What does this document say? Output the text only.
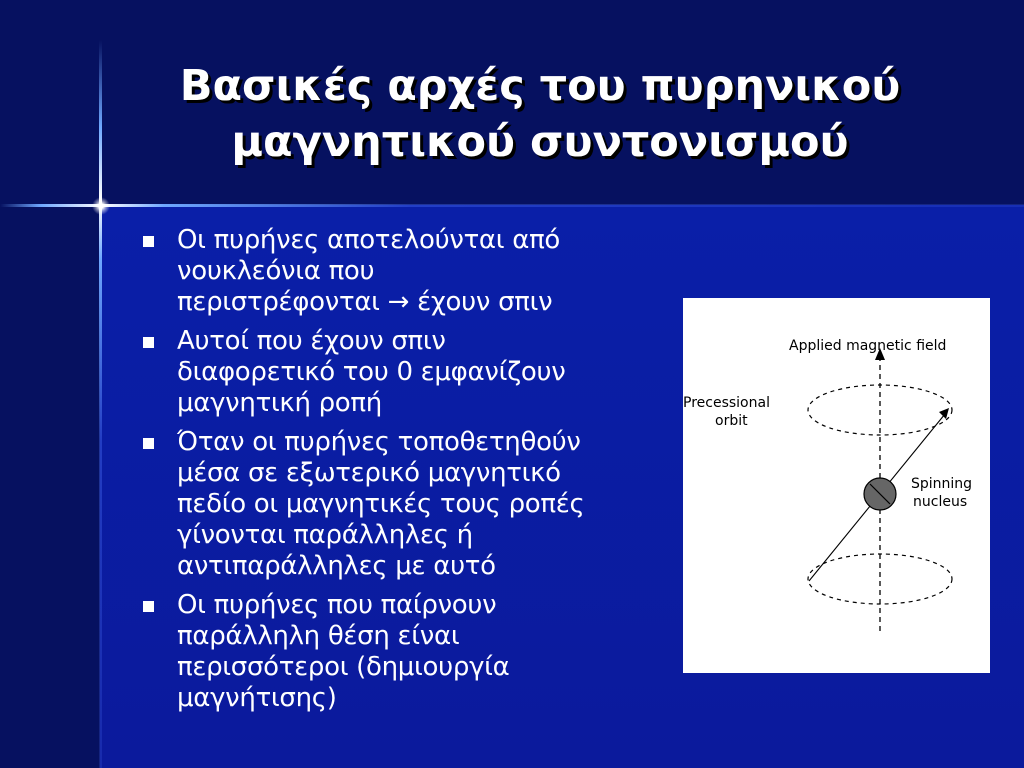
Βασικές αρχές του πυρηνικού
μαγνητικού συντονισμού
Οι πυρήνες αποτελούνται από
νουκλεόνια που
περιστρέφονται → έχουν σπιν
Αυτοί που έχουν σπιν
διαφορετικό του 0 εμφανίζουν
μαγνητική ροπή
Όταν οι πυρήνες τοποθετηθούν
μέσα σε εξωτερικό μαγνητικό
πεδίο οι μαγνητικές τους ροπές
γίνονται παράλληλες ή
αντιπαράλληλες με αυτό
Οι πυρήνες που παίρνουν
παράλληλη θέση είναι
περισσότεροι (δημιουργία
μαγνήτισης)
Applied magnetic field
Precessional
orbit
Spinning
nucleus
